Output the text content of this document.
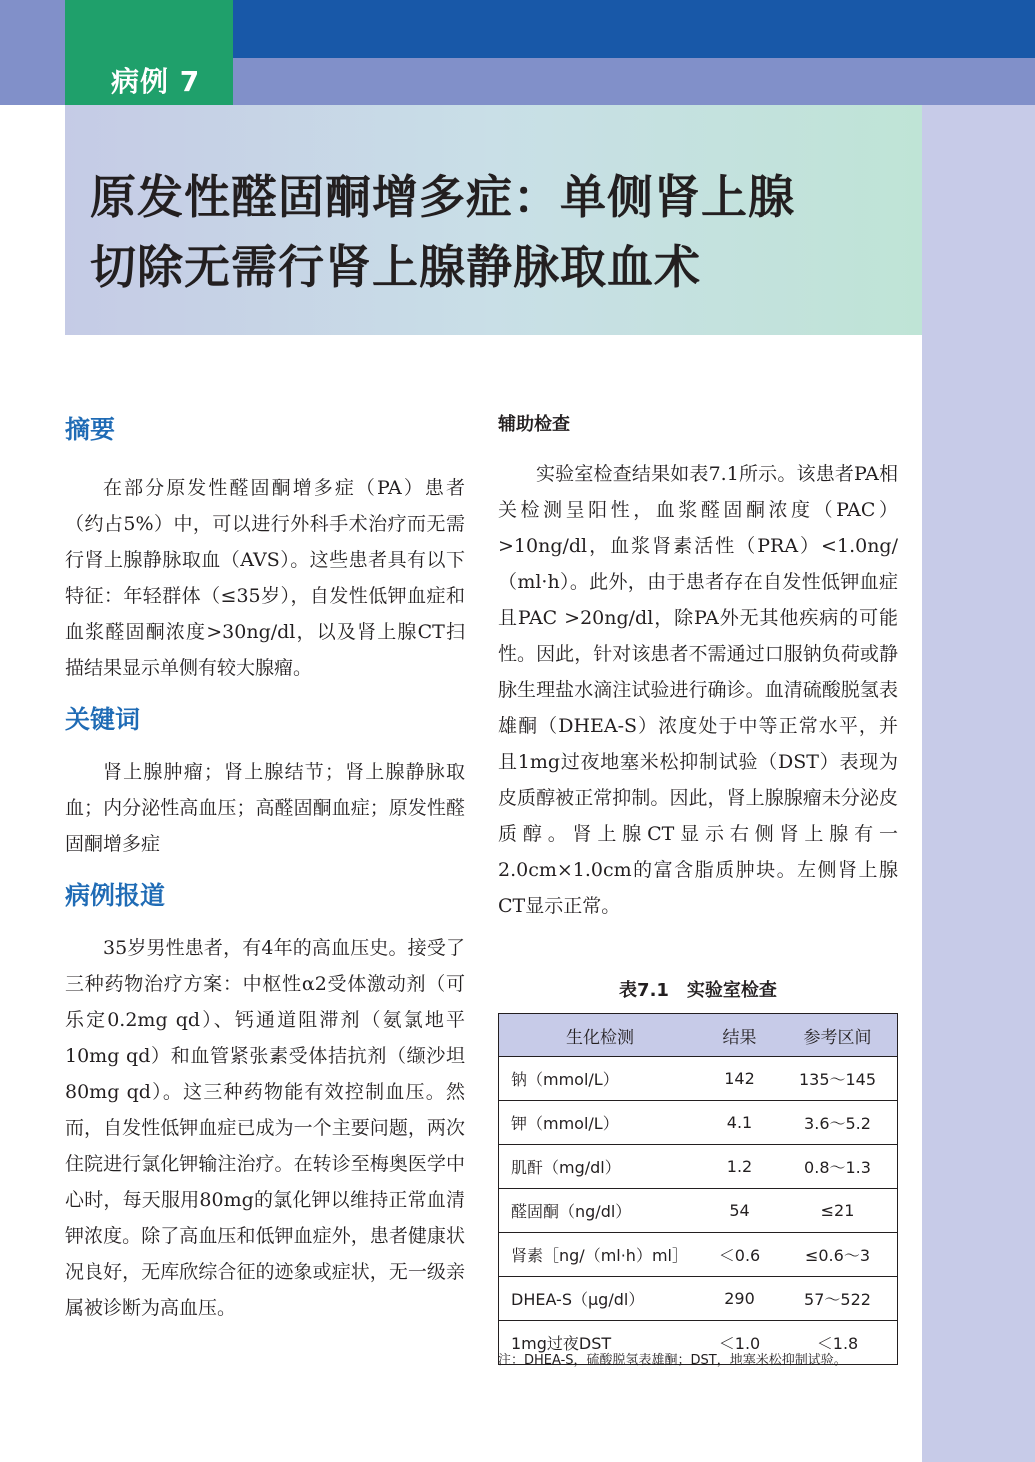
病例 7
原发性醛固酮增多症：单侧肾上腺
切除无需行肾上腺静脉取血术
摘要

在部分原发性醛固酮增多症（PA）患者（约占5%）中，可以进行外科手术治疗而无需行肾上腺静脉取血（AVS）。这些患者具有以下特征：年轻群体（≤35岁），自发性低钾血症和血浆醛固酮浓度>30ng/dl，以及肾上腺CT扫描结果显示单侧有较大腺瘤。

关键词

肾上腺肿瘤；肾上腺结节；肾上腺静脉取血；内分泌性高血压；高醛固酮血症；原发性醛固酮增多症

病例报道

35岁男性患者，有4年的高血压史。接受了三种药物治疗方案：中枢性α2受体激动剂（可乐定0.2mg qd）、钙通道阻滞剂（氨氯地平10mg qd）和血管紧张素受体拮抗剂（缬沙坦80mg qd）。这三种药物能有效控制血压。然而，自发性低钾血症已成为一个主要问题，两次住院进行氯化钾输注治疗。在转诊至梅奥医学中心时，每天服用80mg的氯化钾以维持正常血清钾浓度。除了高血压和低钾血症外，患者健康状况良好，无库欣综合征的迹象或症状，无一级亲属被诊断为高血压。

辅助检查

实验室检查结果如表7.1所示。该患者PA相关检测呈阳性，血浆醛固酮浓度（PAC）>10ng/dl，血浆肾素活性（PRA）<1.0ng/（ml·h）。此外，由于患者存在自发性低钾血症且PAC >20ng/dl，除PA外无其他疾病的可能性。因此，针对该患者不需通过口服钠负荷或静脉生理盐水滴注试验进行确诊。血清硫酸脱氢表雄酮（DHEA-S）浓度处于中等正常水平，并且1mg过夜地塞米松抑制试验（DST）表现为皮质醇被正常抑制。因此，肾上腺腺瘤未分泌皮质醇。肾上腺CT显示右侧肾上腺有一2.0cm×1.0cm的富含脂质肿块。左侧肾上腺CT显示正常。

表7.1　实验室检查
生化检测	结果	参考区间
钠（mmol/L）	142	135～145
钾（mmol/L）	4.1	3.6～5.2
肌酐（mg/dl）	1.2	0.8～1.3
醛固酮（ng/dl）	54	≤21
肾素［ng/（ml·h）ml］	＜0.6	≤0.6～3
DHEA-S（μg/dl）	290	57～522
1mg过夜DST	＜1.0	＜1.8
注：DHEA-S，硫酸脱氢表雄酮；DST，地塞米松抑制试验。
